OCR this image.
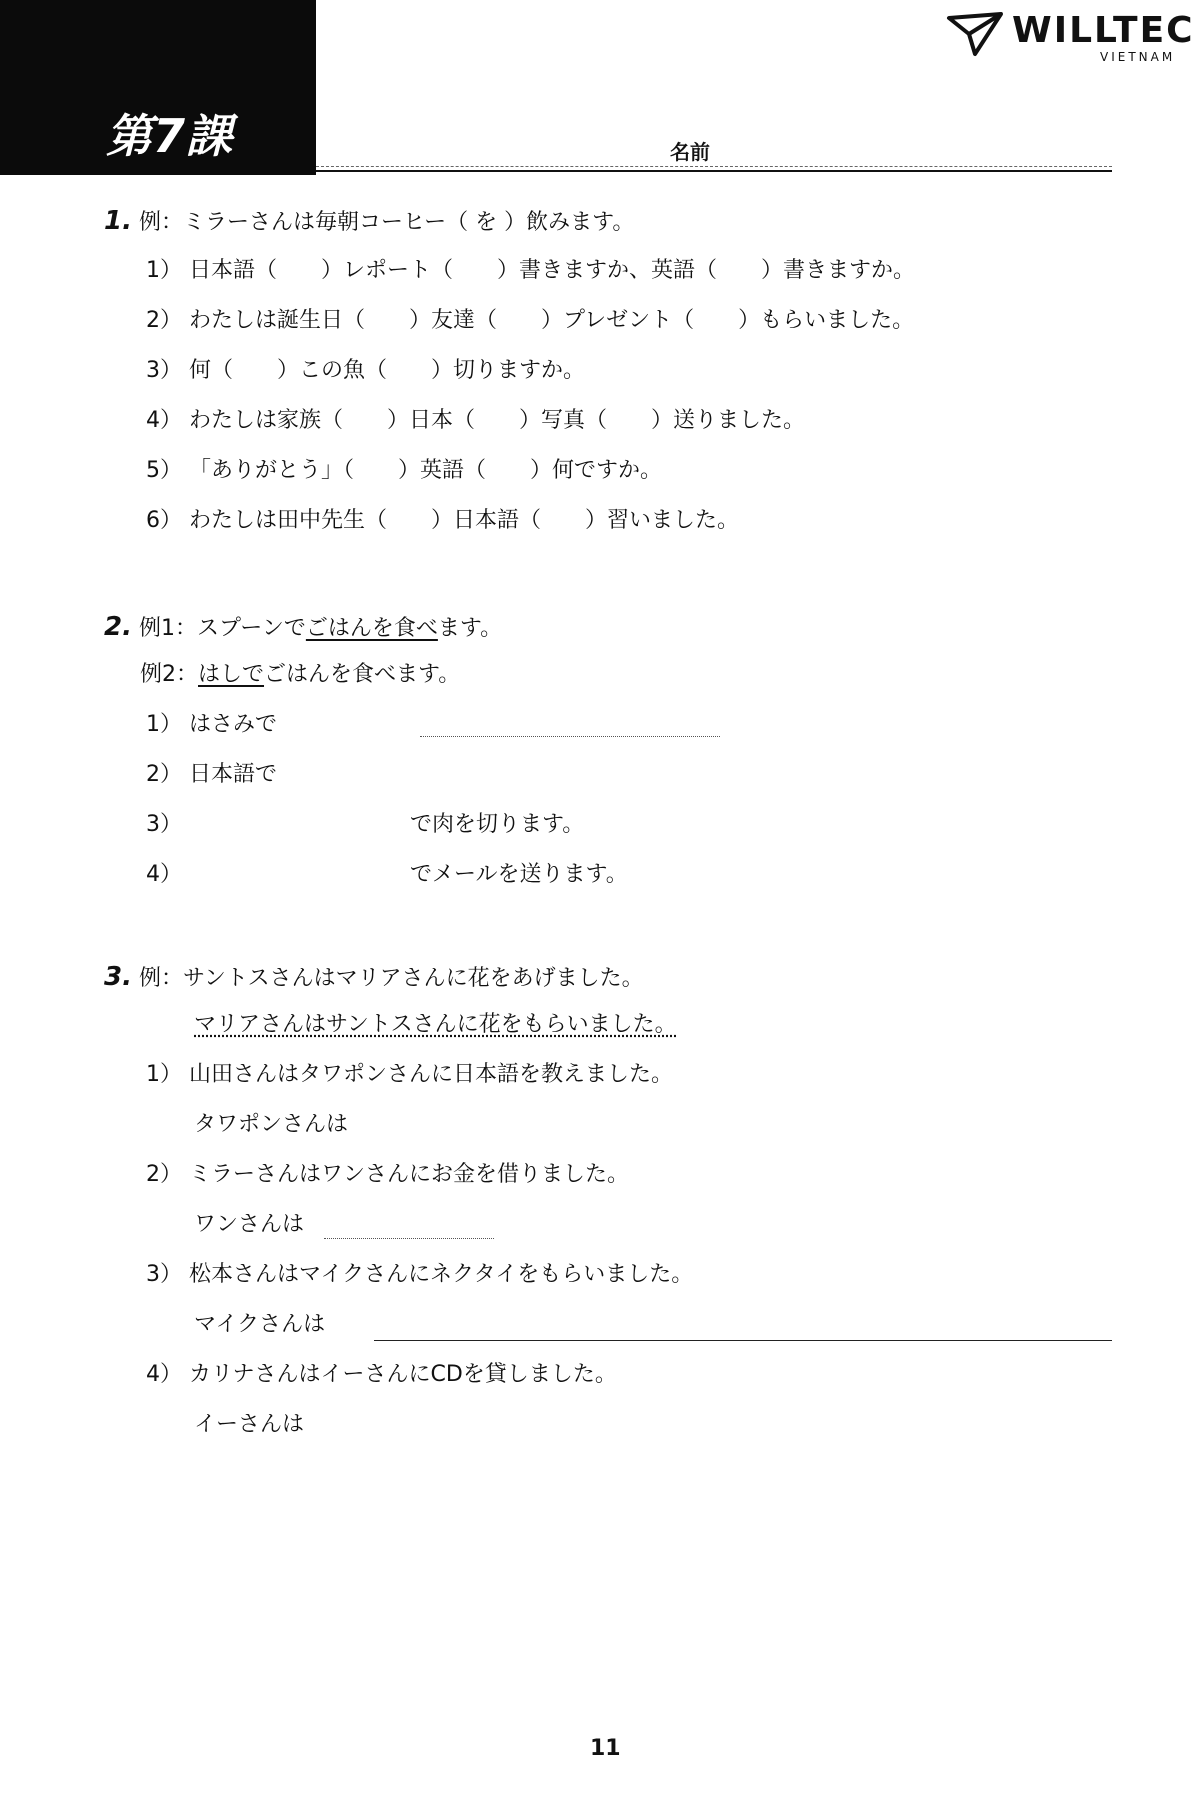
第7課	名前
WILLTEC
VIETNAM
1. 例：ミラーさんは毎朝コーヒー（ を ）飲みます。
1） 日本語（　　）レポート（　　）書きますか、英語（　　）書きますか。
2） わたしは誕生日（　　）友達（　　）プレゼント（　　）もらいました。
3） 何（　　）この魚（　　）切りますか。
4） わたしは家族（　　）日本（　　）写真（　　）送りました。
5） 「ありがとう」（　　）英語（　　）何ですか。
6） わたしは田中先生（　　）日本語（　　）習いました。
2. 例1：スプーンでごはんを食べます。
例2：はしでごはんを食べます。
1） はさみで
2） 日本語で
3）	で肉を切ります。
4）	でメールを送ります。
3. 例：サントスさんはマリアさんに花をあげました。
マリアさんはサントスさんに花をもらいました。
1） 山田さんはタワポンさんに日本語を教えました。
タワポンさんは
2） ミラーさんはワンさんにお金を借りました。
ワンさんは
3） 松本さんはマイクさんにネクタイをもらいました。
マイクさんは
4） カリナさんはイーさんにCDを貸しました。
イーさんは
11
